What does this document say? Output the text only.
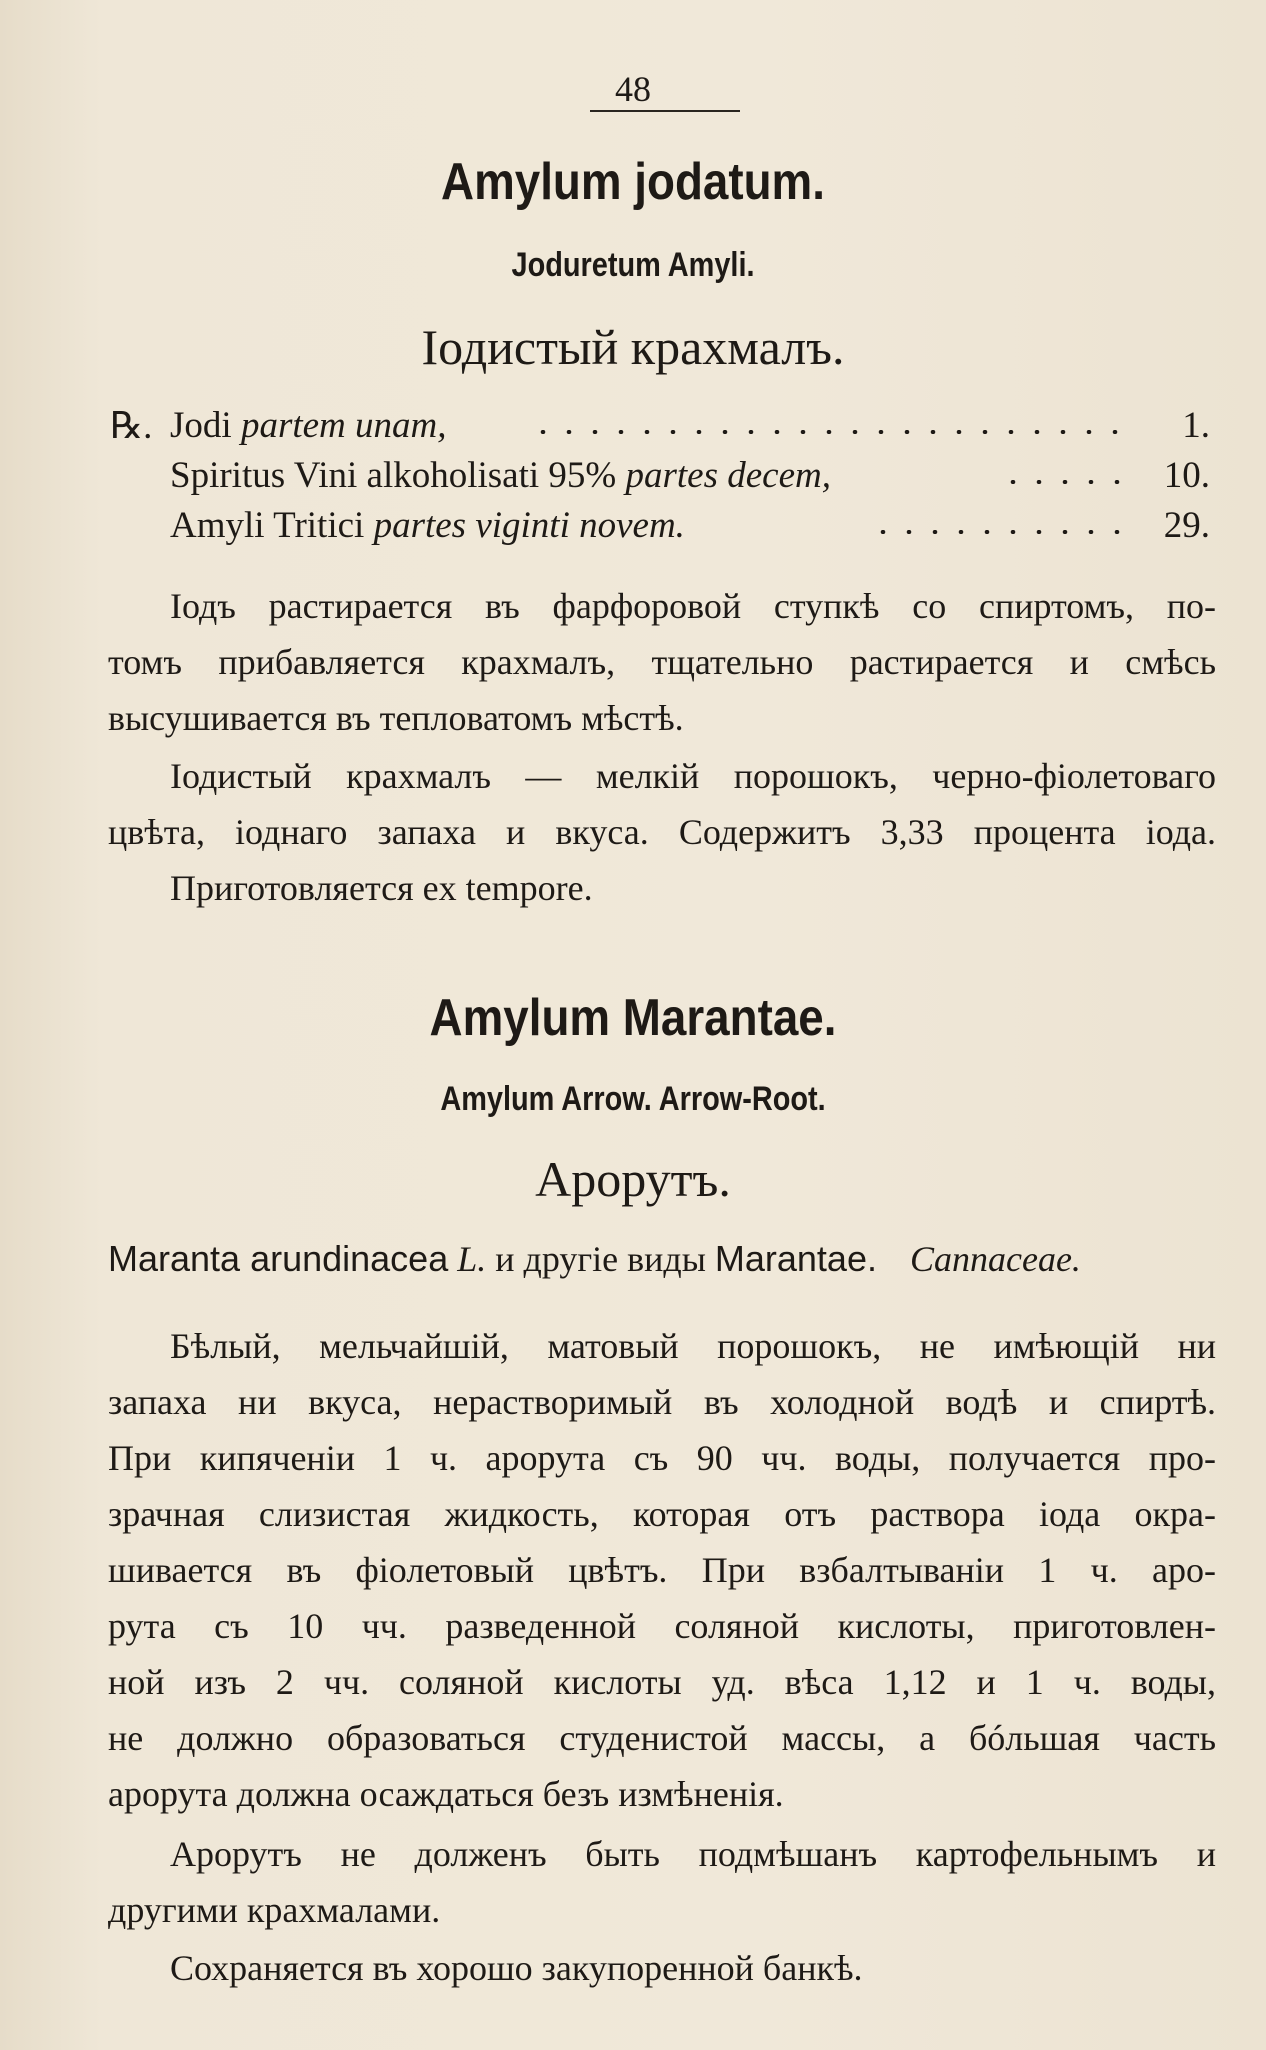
48
Amylum jodatum.
Joduretum Amyli.
Іодистый крахмалъ.
℞. Jodi partem unam,	1.
Spiritus Vini alkoholisati 95% partes decem,	10.
Amyli Tritici partes viginti novem.	29.
Іодъ растирается въ фарфоровой ступкѣ со спиртомъ, по-
томъ прибавляется крахмалъ, тщательно растирается и смѣсь
высушивается въ тепловатомъ мѣстѣ.
Іодистый крахмалъ — мелкій порошокъ, черно-фіолетоваго
цвѣта, іоднаго запаха и вкуса. Содержитъ 3,33 процента іода.
Приготовляется ex tempore.
Amylum Marantae.
Amylum Arrow. Arrow-Root.
Арорутъ.
Maranta arundinacea L. и другіе виды Marantae. Cannaceae.
Бѣлый, мельчайшій, матовый порошокъ, не имѣющій ни
запаха ни вкуса, нерастворимый въ холодной водѣ и спиртѣ.
При кипяченіи 1 ч. арорута съ 90 чч. воды, получается про-
зрачная слизистая жидкость, которая отъ раствора іода окра-
шивается въ фіолетовый цвѣтъ. При взбалтываніи 1 ч. аро-
рута съ 10 чч. разведенной соляной кислоты, приготовлен-
ной изъ 2 чч. соляной кислоты уд. вѣса 1,12 и 1 ч. воды,
не должно образоваться студенистой массы, а бóльшая часть
арорута должна осаждаться безъ измѣненія.
Арорутъ не долженъ быть подмѣшанъ картофельнымъ и
другими крахмалами.
Сохраняется въ хорошо закупоренной банкѣ.
